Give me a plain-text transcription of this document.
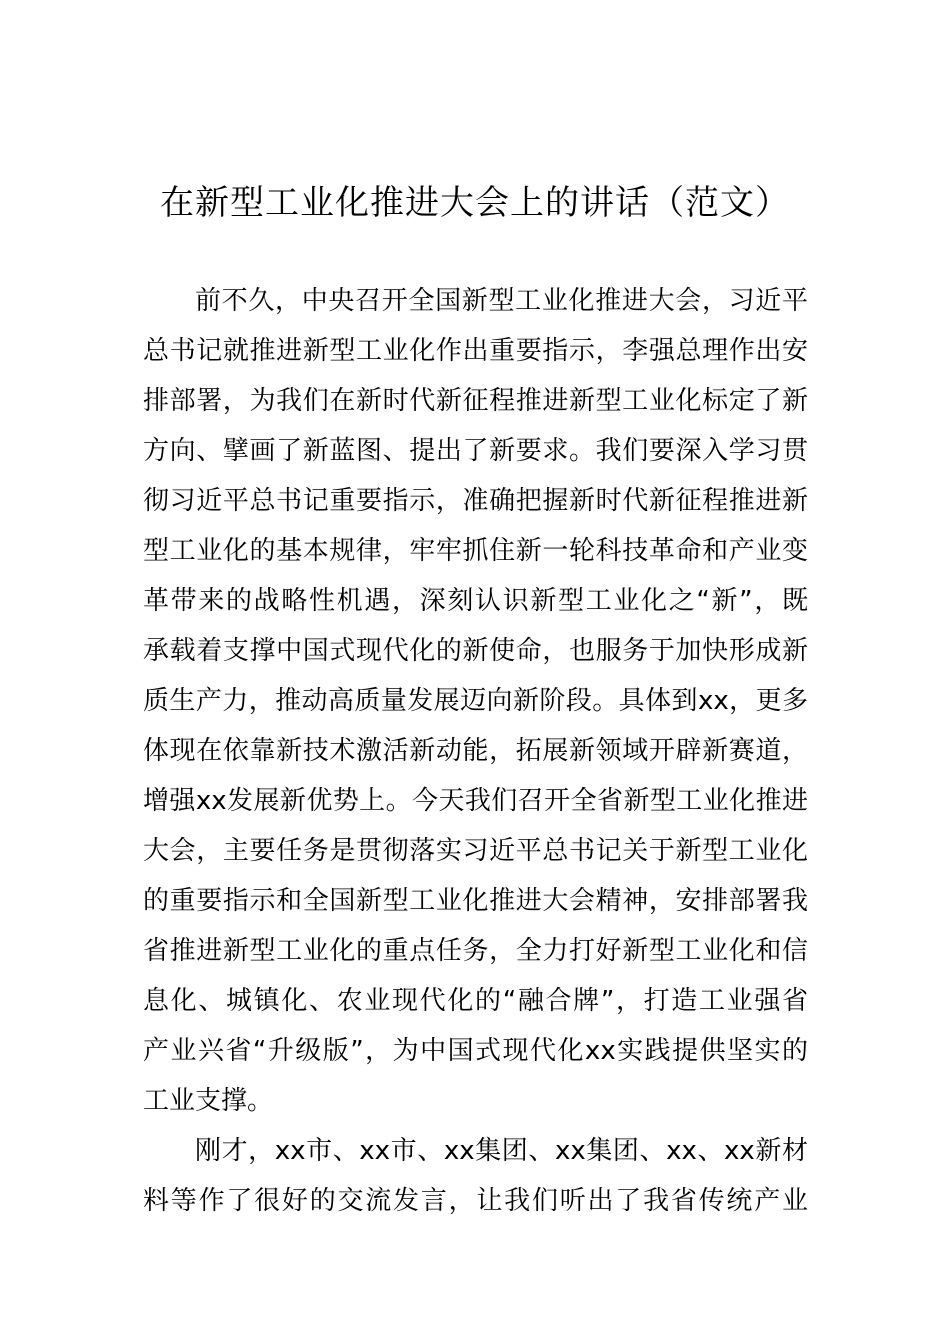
在新型工业化推进大会上的讲话（范文）
前不久，中央召开全国新型工业化推进大会，习近平
总书记就推进新型工业化作出重要指示，李强总理作出安
排部署，为我们在新时代新征程推进新型工业化标定了新
方向、擘画了新蓝图、提出了新要求。我们要深入学习贯
彻习近平总书记重要指示，准确把握新时代新征程推进新
型工业化的基本规律，牢牢抓住新一轮科技革命和产业变
革带来的战略性机遇，深刻认识新型工业化之“新”，既
承载着支撑中国式现代化的新使命，也服务于加快形成新
质生产力，推动高质量发展迈向新阶段。具体到xx，更多
体现在依靠新技术激活新动能，拓展新领域开辟新赛道，
增强xx发展新优势上。今天我们召开全省新型工业化推进
大会，主要任务是贯彻落实习近平总书记关于新型工业化
的重要指示和全国新型工业化推进大会精神，安排部署我
省推进新型工业化的重点任务，全力打好新型工业化和信
息化、城镇化、农业现代化的“融合牌”，打造工业强省
产业兴省“升级版”，为中国式现代化xx实践提供坚实的
工业支撑。
刚才，xx市、xx市、xx集团、xx集团、xx、xx新材
料等作了很好的交流发言，让我们听出了我省传统产业
